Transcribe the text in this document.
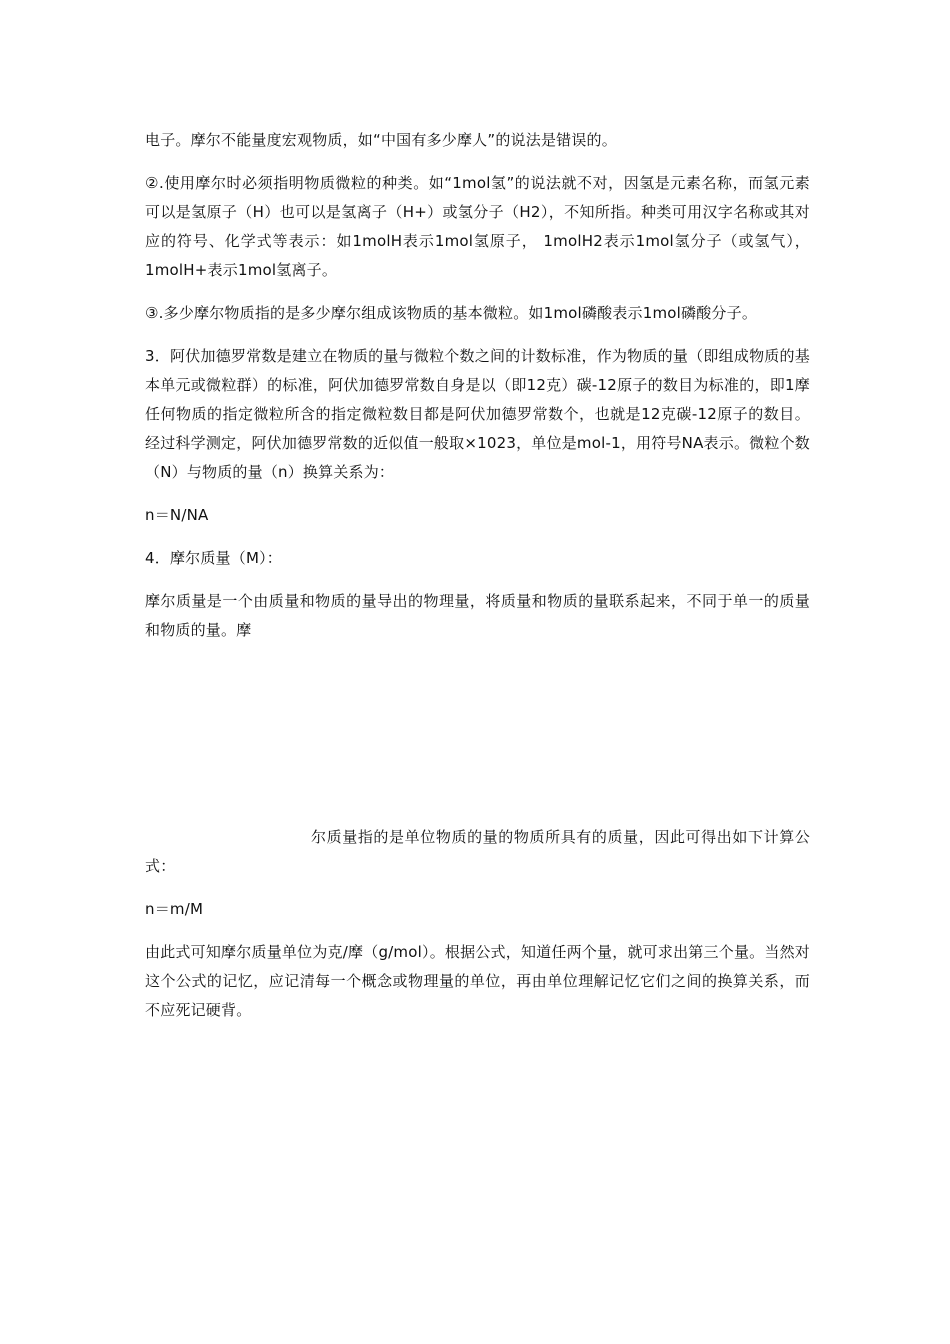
电子。摩尔不能量度宏观物质，如“中国有多少摩人”的说法是错误的。

②.使用摩尔时必须指明物质微粒的种类。如“1mol氢”的说法就不对，因氢是元素名称，而氢元素可以是氢原子（H）也可以是氢离子（H+）或氢分子（H2），不知所指。种类可用汉字名称或其对应的符号、化学式等表示：如1molH表示1mol氢原子， 1molH2表示1mol氢分子（或氢气），1molH+表示1mol氢离子。

③.多少摩尔物质指的是多少摩尔组成该物质的基本微粒。如1mol磷酸表示1mol磷酸分子。

3．阿伏加德罗常数是建立在物质的量与微粒个数之间的计数标准，作为物质的量（即组成物质的基本单元或微粒群）的标准，阿伏加德罗常数自身是以（即12克）碳-12原子的数目为标准的，即1摩任何物质的指定微粒所含的指定微粒数目都是阿伏加德罗常数个，也就是12克碳-12原子的数目。经过科学测定，阿伏加德罗常数的近似值一般取×1023，单位是mol-1，用符号NA表示。微粒个数（N）与物质的量（n）换算关系为：

n＝N/NA

4．摩尔质量（M）：

摩尔质量是一个由质量和物质的量导出的物理量，将质量和物质的量联系起来，不同于单一的质量和物质的量。摩

尔质量指的是单位物质的量的物质所具有的质量，因此可得出如下计算公式：

n＝m/M

由此式可知摩尔质量单位为克/摩（g/mol）。根据公式，知道任两个量，就可求出第三个量。当然对这个公式的记忆，应记清每一个概念或物理量的单位，再由单位理解记忆它们之间的换算关系，而不应死记硬背。
